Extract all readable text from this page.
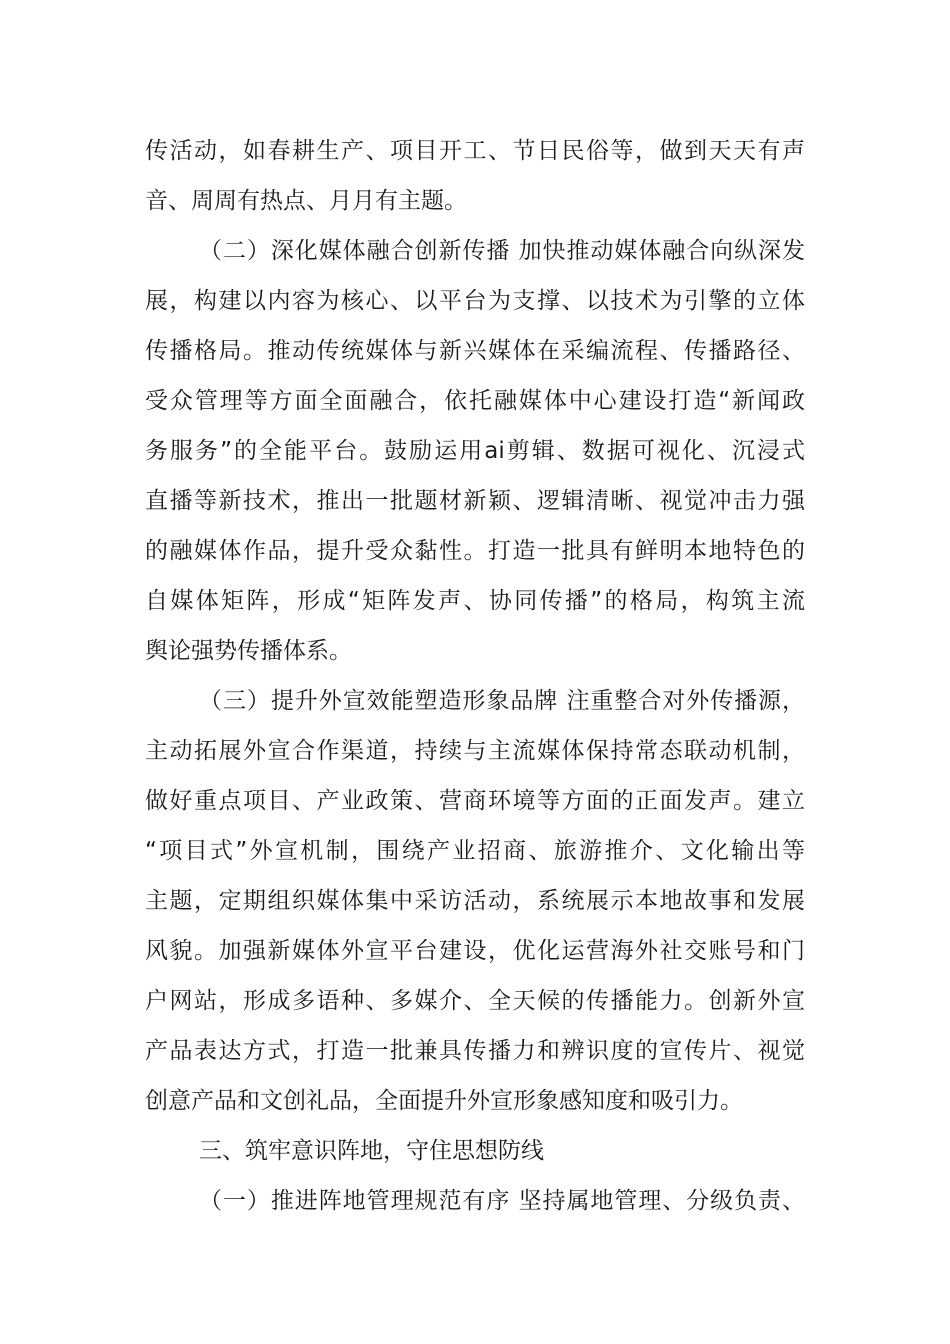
传活动，如春耕生产、项目开工、节日民俗等，做到天天有声
音、周周有热点、月月有主题。
（二）深化媒体融合创新传播 加快推动媒体融合向纵深发
展，构建以内容为核心、以平台为支撑、以技术为引擎的立体
传播格局。推动传统媒体与新兴媒体在采编流程、传播路径、
受众管理等方面全面融合，依托融媒体中心建设打造“新闻政
务服务”的全能平台。鼓励运用ai剪辑、数据可视化、沉浸式
直播等新技术，推出一批题材新颖、逻辑清晰、视觉冲击力强
的融媒体作品，提升受众黏性。打造一批具有鲜明本地特色的
自媒体矩阵，形成“矩阵发声、协同传播”的格局，构筑主流
舆论强势传播体系。
（三）提升外宣效能塑造形象品牌 注重整合对外传播源，
主动拓展外宣合作渠道，持续与主流媒体保持常态联动机制，
做好重点项目、产业政策、营商环境等方面的正面发声。建立
“项目式”外宣机制，围绕产业招商、旅游推介、文化输出等
主题，定期组织媒体集中采访活动，系统展示本地故事和发展
风貌。加强新媒体外宣平台建设，优化运营海外社交账号和门
户网站，形成多语种、多媒介、全天候的传播能力。创新外宣
产品表达方式，打造一批兼具传播力和辨识度的宣传片、视觉
创意产品和文创礼品，全面提升外宣形象感知度和吸引力。
三、筑牢意识阵地，守住思想防线
（一）推进阵地管理规范有序 坚持属地管理、分级负责、
